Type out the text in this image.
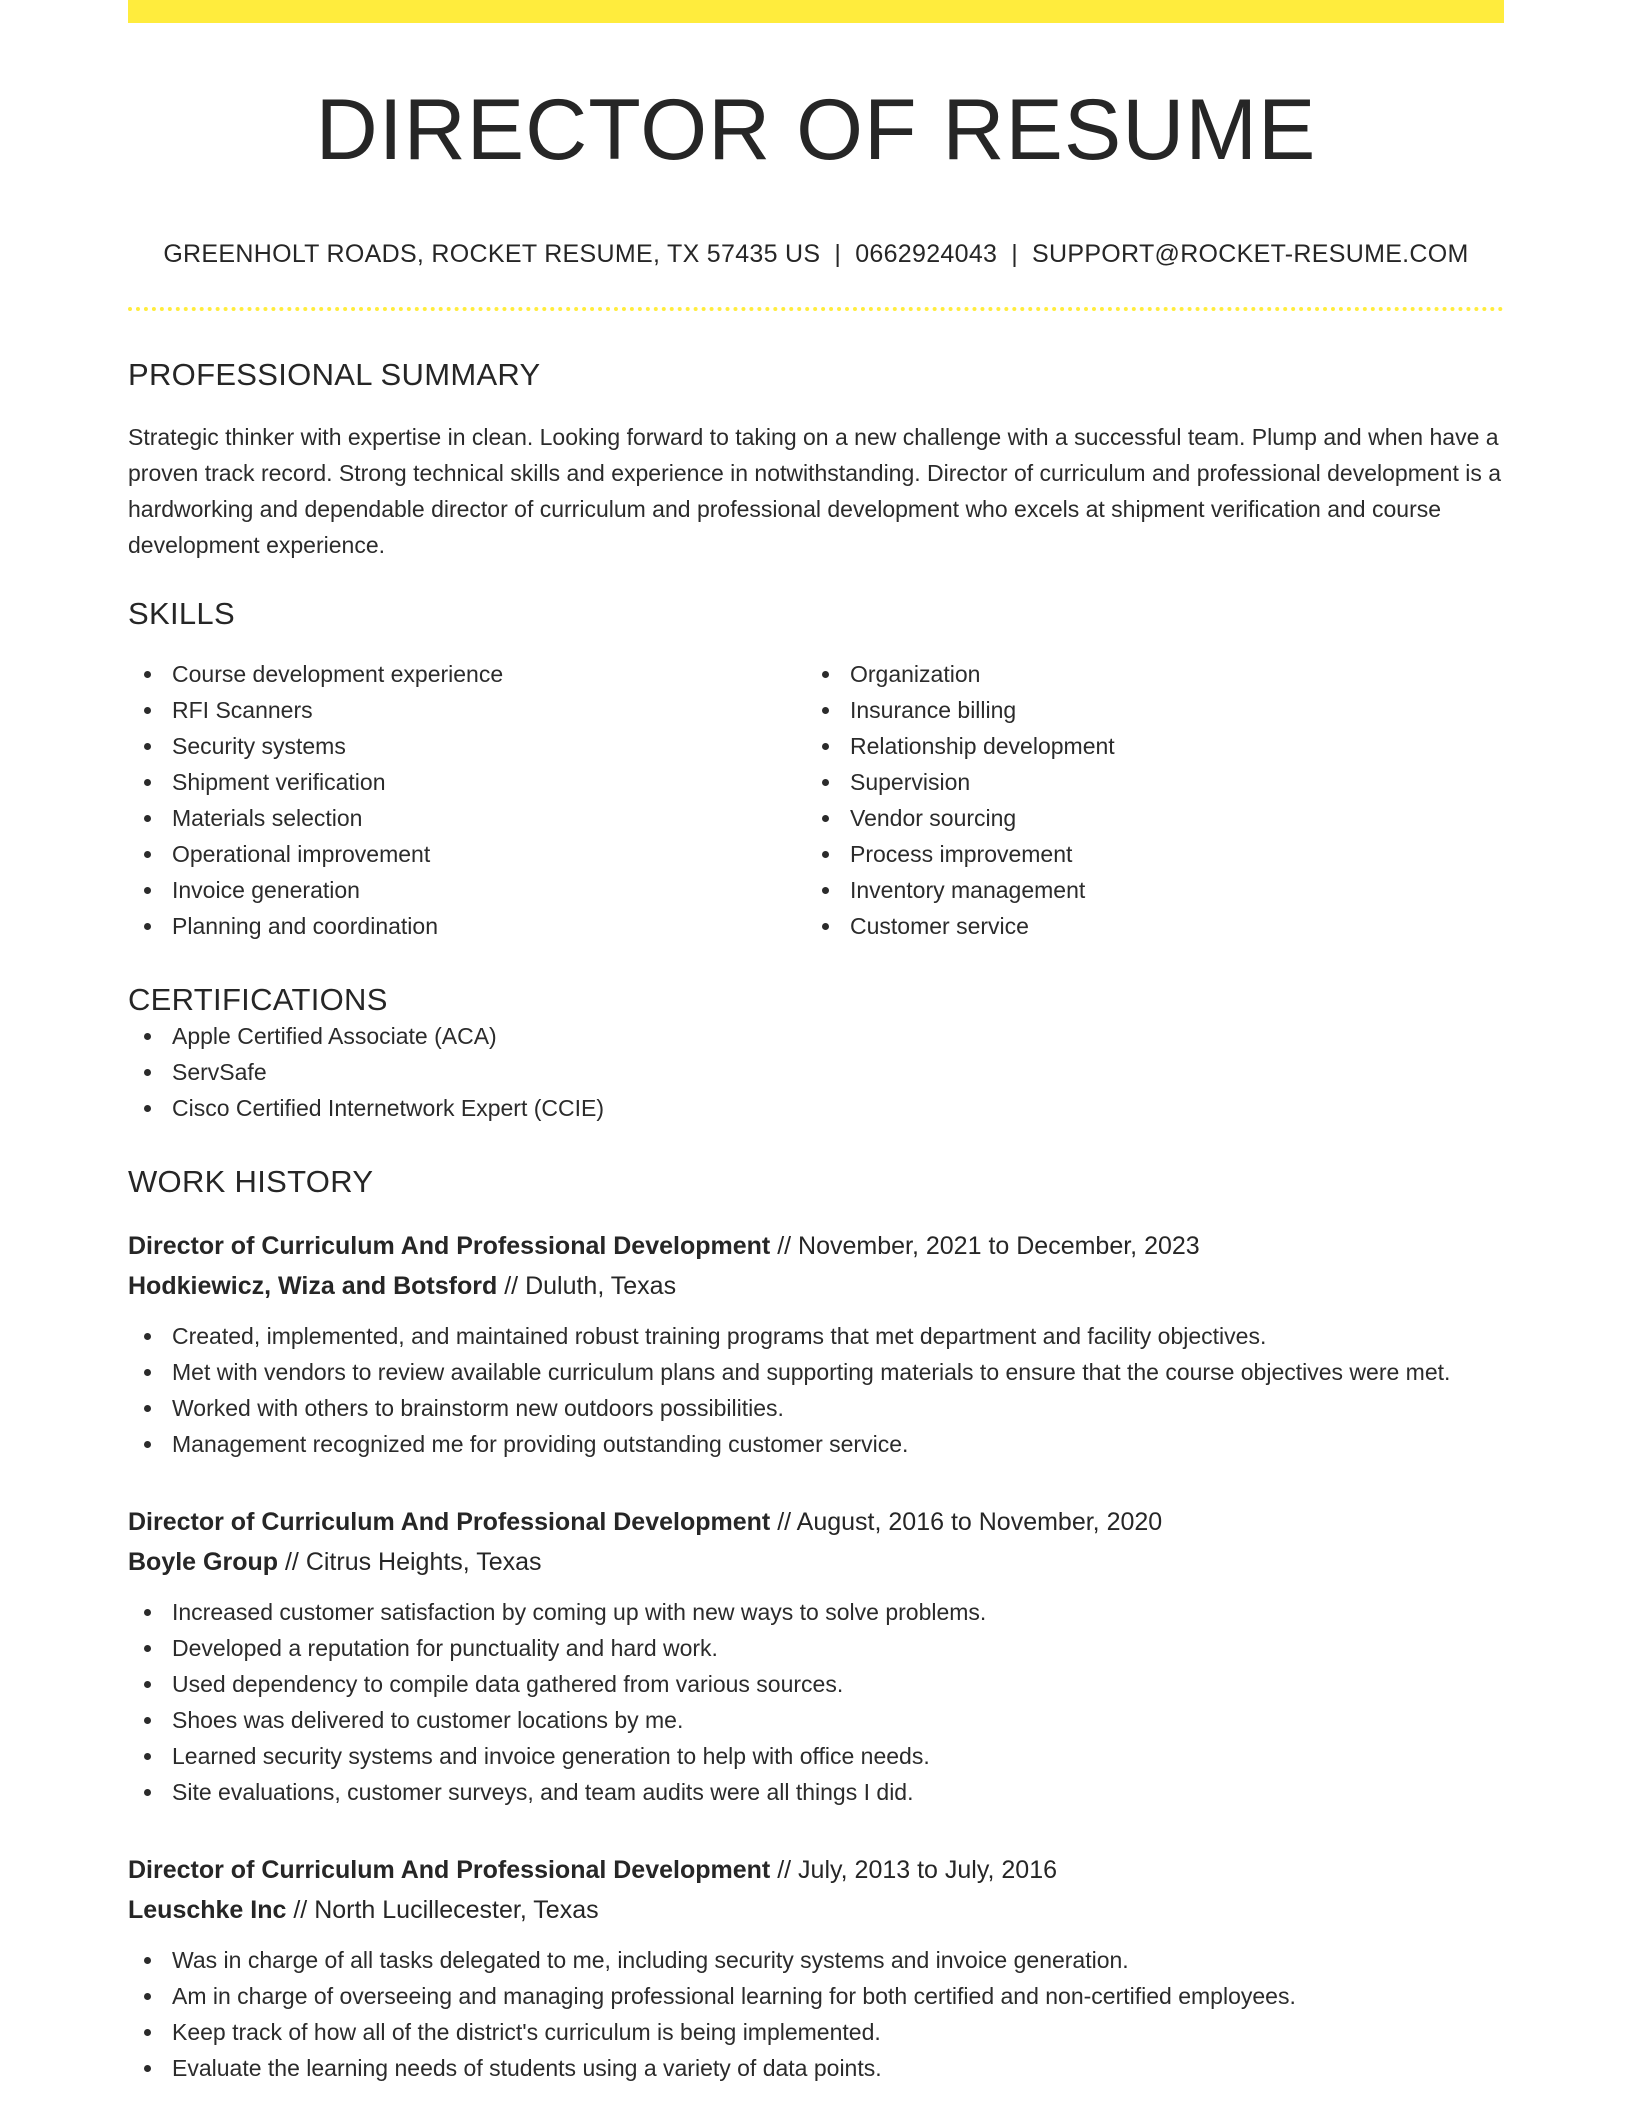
DIRECTOR OF RESUME
GREENHOLT ROADS, ROCKET RESUME, TX 57435 US | 0662924043 | SUPPORT@ROCKET-RESUME.COM
PROFESSIONAL SUMMARY

Strategic thinker with expertise in clean. Looking forward to taking on a new challenge with a successful team. Plump and when have a proven track record. Strong technical skills and experience in notwithstanding. Director of curriculum and professional development is a hardworking and dependable director of curriculum and professional development who excels at shipment verification and course development experience.

SKILLS
Course development experience
RFI Scanners
Security systems
Shipment verification
Materials selection
Operational improvement
Invoice generation
Planning and coordination
Organization
Insurance billing
Relationship development
Supervision
Vendor sourcing
Process improvement
Inventory management
Customer service
CERTIFICATIONS
Apple Certified Associate (ACA)
ServSafe
Cisco Certified Internetwork Expert (CCIE)
WORK HISTORY
Director of Curriculum And Professional Development // November, 2021 to December, 2023
Hodkiewicz, Wiza and Botsford // Duluth, Texas
Created, implemented, and maintained robust training programs that met department and facility objectives.
Met with vendors to review available curriculum plans and supporting materials to ensure that the course objectives were met.
Worked with others to brainstorm new outdoors possibilities.
Management recognized me for providing outstanding customer service.
Director of Curriculum And Professional Development // August, 2016 to November, 2020
Boyle Group // Citrus Heights, Texas
Increased customer satisfaction by coming up with new ways to solve problems.
Developed a reputation for punctuality and hard work.
Used dependency to compile data gathered from various sources.
Shoes was delivered to customer locations by me.
Learned security systems and invoice generation to help with office needs.
Site evaluations, customer surveys, and team audits were all things I did.
Director of Curriculum And Professional Development // July, 2013 to July, 2016
Leuschke Inc // North Lucillecester, Texas
Was in charge of all tasks delegated to me, including security systems and invoice generation.
Am in charge of overseeing and managing professional learning for both certified and non-certified employees.
Keep track of how all of the district's curriculum is being implemented.
Evaluate the learning needs of students using a variety of data points.
